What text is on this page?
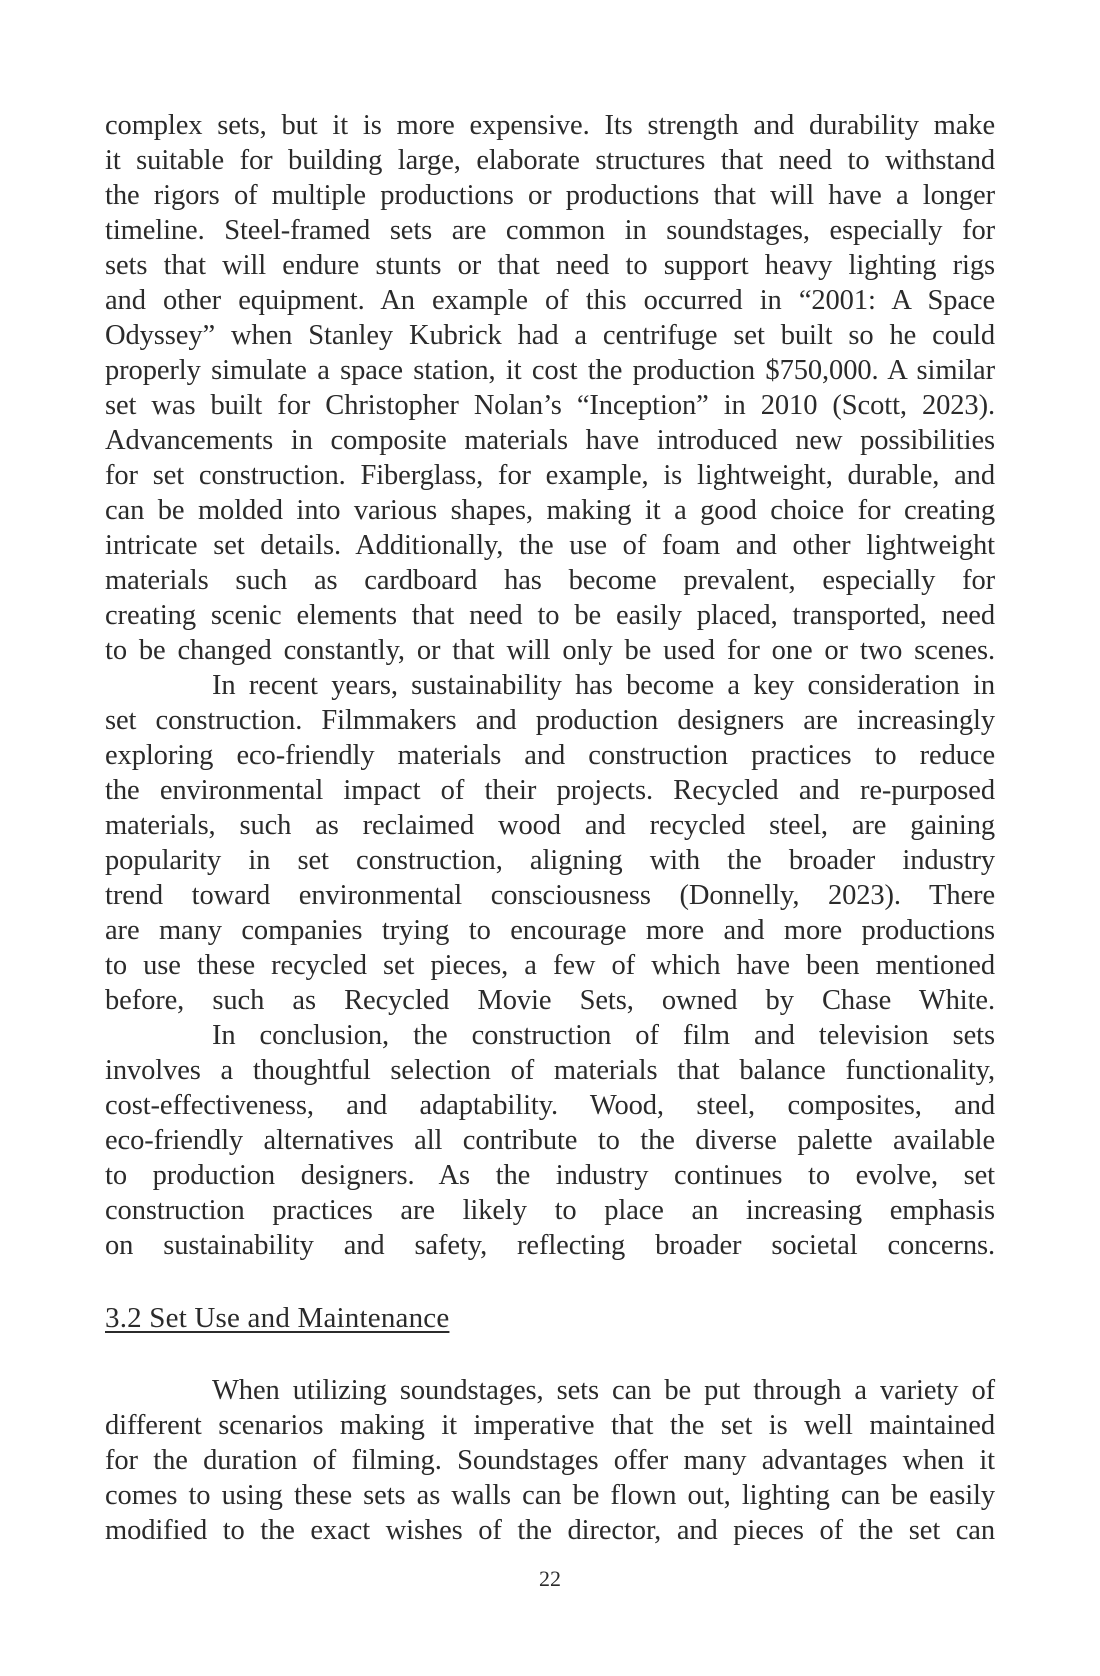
complex sets, but it is more expensive. Its strength and durability make
it suitable for building large, elaborate structures that need to withstand
the rigors of multiple productions or productions that will have a longer
timeline. Steel-framed sets are common in soundstages, especially for
sets that will endure stunts or that need to support heavy lighting rigs
and other equipment. An example of this occurred in “2001: A Space
Odyssey” when Stanley Kubrick had a centrifuge set built so he could
properly simulate a space station, it cost the production $750,000. A similar
set was built for Christopher Nolan’s “Inception” in 2010 (Scott, 2023).
Advancements in composite materials have introduced new possibilities
for set construction. Fiberglass, for example, is lightweight, durable, and
can be molded into various shapes, making it a good choice for creating
intricate set details. Additionally, the use of foam and other lightweight
materials such as cardboard has become prevalent, especially for
creating scenic elements that need to be easily placed, transported, need
to be changed constantly, or that will only be used for one or two scenes.
In recent years, sustainability has become a key consideration in
set construction. Filmmakers and production designers are increasingly
exploring eco-friendly materials and construction practices to reduce
the environmental impact of their projects. Recycled and re-purposed
materials, such as reclaimed wood and recycled steel, are gaining
popularity in set construction, aligning with the broader industry
trend toward environmental consciousness (Donnelly, 2023). There
are many companies trying to encourage more and more productions
to use these recycled set pieces, a few of which have been mentioned
before, such as Recycled Movie Sets, owned by Chase White.
In conclusion, the construction of film and television sets
involves a thoughtful selection of materials that balance functionality,
cost-effectiveness, and adaptability. Wood, steel, composites, and
eco-friendly alternatives all contribute to the diverse palette available
to production designers. As the industry continues to evolve, set
construction practices are likely to place an increasing emphasis
on sustainability and safety, reflecting broader societal concerns.
3.2 Set Use and Maintenance
When utilizing soundstages, sets can be put through a variety of
different scenarios making it imperative that the set is well maintained
for the duration of filming. Soundstages offer many advantages when it
comes to using these sets as walls can be flown out, lighting can be easily
modified to the exact wishes of the director, and pieces of the set can
22
